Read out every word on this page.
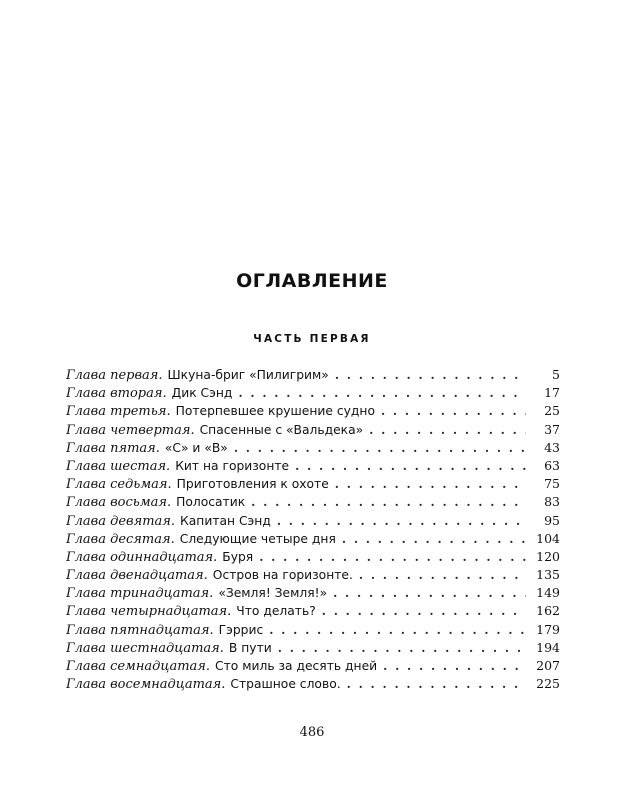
ОГЛАВЛЕНИЕ
ЧАСТЬ ПЕРВАЯ
Глава первая. Шкуна-бриг «Пилигрим» . . .	5
Глава вторая. Дик Сэнд . . .	17
Глава третья. Потерпевшее крушение судно . . .	25
Глава четвертая. Спасенные с «Вальдека» . . .	37
Глава пятая. «С» и «В» . . .	43
Глава шестая. Кит на горизонте . . .	63
Глава седьмая. Приготовления к охоте . . .	75
Глава восьмая. Полосатик . . .	83
Глава девятая. Капитан Сэнд . . .	95
Глава десятая. Следующие четыре дня . . .	104
Глава одиннадцатая. Буря . . .	120
Глава двенадцатая. Остров на горизонте. . . .	135
Глава тринадцатая. «Земля! Земля!» . . .	149
Глава четырнадцатая. Что делать? . . .	162
Глава пятнадцатая. Гэррис . . .	179
Глава шестнадцатая. В пути . . .	194
Глава семнадцатая. Сто миль за десять дней . . .	207
Глава восемнадцатая. Страшное слово. . . .	225
486
